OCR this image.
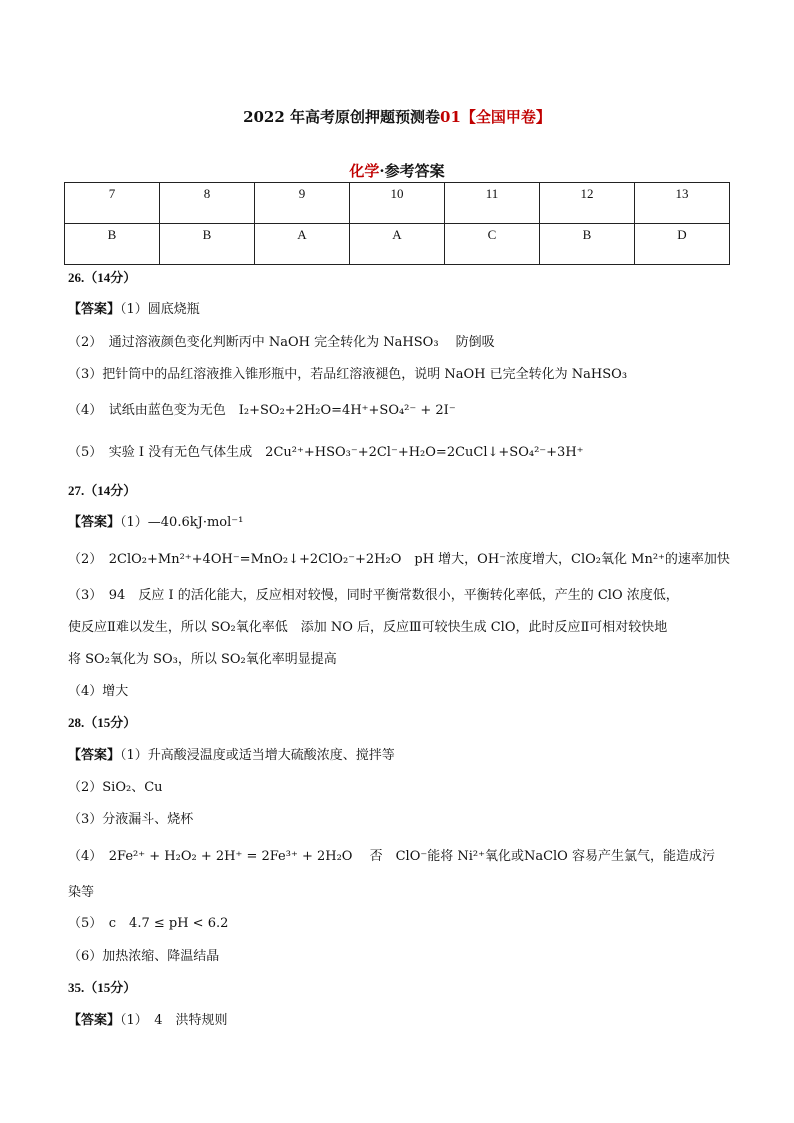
2022 年高考原创押题预测卷01【全国甲卷】
化学·参考答案
7	8	9	10	11	12	13
B	B	A	A	C	B	D
26.（14分）
【答案】（1）圆底烧瓶
（2）　通过溶液颜色变化判断丙中 NaOH 完全转化为 NaHSO₃　 防倒吸
（3）把针筒中的品红溶液推入锥形瓶中，若品红溶液褪色，说明 NaOH 已完全转化为 NaHSO₃
（4）　试纸由蓝色变为无色　I₂+SO₂+2H₂O=4H⁺+SO₄²⁻ + 2I⁻
（5）　实验 I 没有无色气体生成　2Cu²⁺+HSO₃⁻+2Cl⁻+H₂O=2CuCl↓+SO₄²⁻+3H⁺
27.（14分）
【答案】（1）—40.6kJ·mol⁻¹
（2）　2ClO₂+Mn²⁺+4OH⁻=MnO₂↓+2ClO₂⁻+2H₂O　pH 增大，OH⁻浓度增大，ClO₂氧化 Mn²⁺的速率加快
（3）　94　反应 I 的活化能大，反应相对较慢，同时平衡常数很小，平衡转化率低，产生的 ClO 浓度低，
使反应Ⅱ难以发生，所以 SO₂氧化率低　添加 NO 后，反应Ⅲ可较快生成 ClO，此时反应Ⅱ可相对较快地
将 SO₂氧化为 SO₃，所以 SO₂氧化率明显提高
（4）增大
28.（15分）
【答案】（1）升高酸浸温度或适当增大硫酸浓度、搅拌等
（2）SiO₂、Cu
（3）分液漏斗、烧杯
（4）　2Fe²⁺ + H₂O₂ + 2H⁺ = 2Fe³⁺ + 2H₂O　 否　ClO⁻能将 Ni²⁺氧化或NaClO 容易产生氯气，能造成污
染等
（5）　c　4.7 ≤ pH < 6.2
（6）加热浓缩、降温结晶
35.（15分）
【答案】（1）　4　洪特规则
